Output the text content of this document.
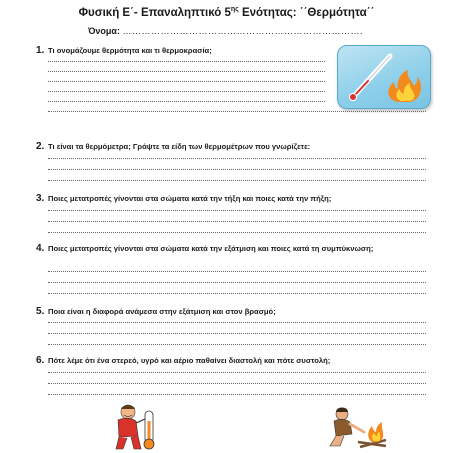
Φυσική Ε΄- Επαναληπτικό $5^{\eta\varsigma}$ Ενότητας: ΄΄Θερμότητα΄΄
Όνομα: ………………………………………………………………….
1. Τι ονομάζουμε θερμότητα και τι θερμοκρασία;
2. Τι είναι τα θερμόμετρα; Γράψτε τα είδη των θερμομέτρων που γνωρίζετε:
3. Ποιες μετατροπές γίνονται στα σώματα κατά την τήξη και ποιες κατά την πήξη;
4. Ποιες μετατροπές γίνονται στα σώματα κατά την εξάτμιση και ποιες κατά τη συμπύκνωση;
5. Ποια είναι η διαφορά ανάμεσα στην εξάτμιση και στον βρασμό;
6. Πότε λέμε ότι ένα στερεό, υγρό και αέριο παθαίνει διαστολή και πότε συστολή;
